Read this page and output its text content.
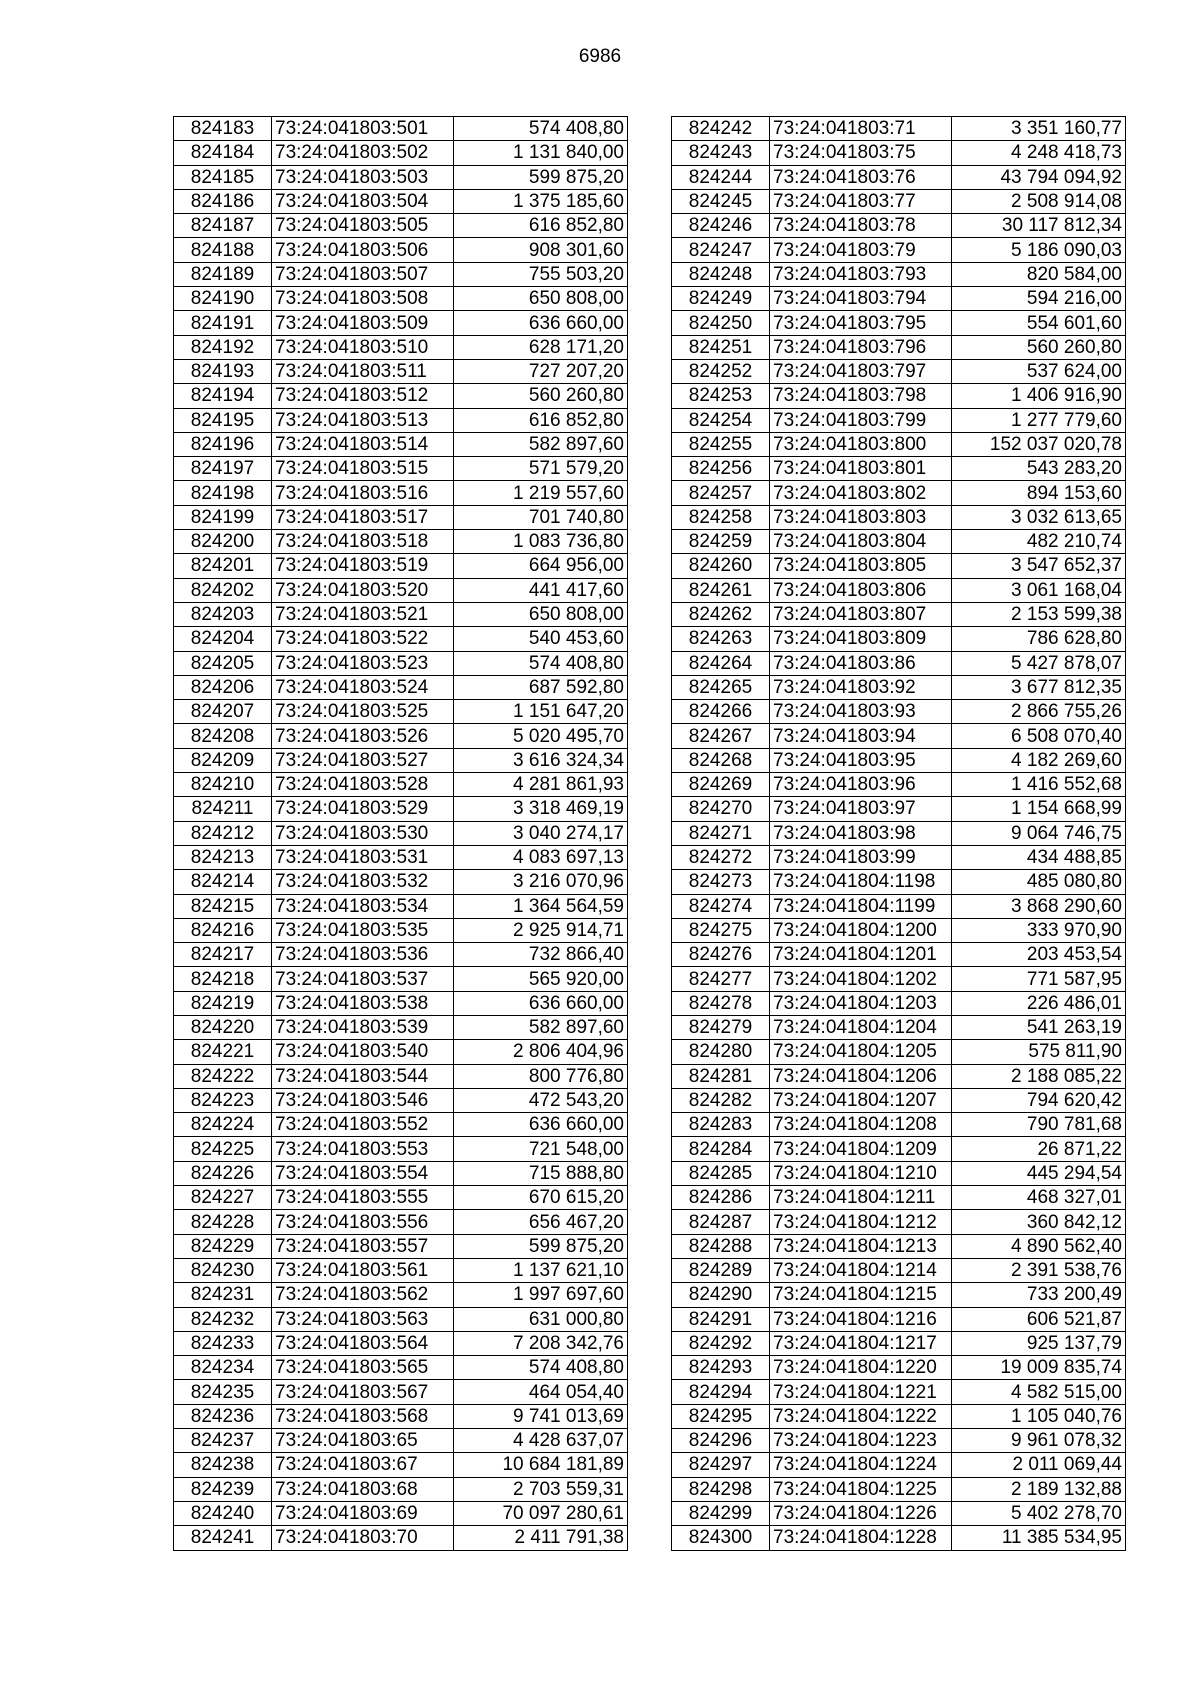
6986
824183	73:24:041803:501	574 408,80
824184	73:24:041803:502	1 131 840,00
824185	73:24:041803:503	599 875,20
824186	73:24:041803:504	1 375 185,60
824187	73:24:041803:505	616 852,80
824188	73:24:041803:506	908 301,60
824189	73:24:041803:507	755 503,20
824190	73:24:041803:508	650 808,00
824191	73:24:041803:509	636 660,00
824192	73:24:041803:510	628 171,20
824193	73:24:041803:511	727 207,20
824194	73:24:041803:512	560 260,80
824195	73:24:041803:513	616 852,80
824196	73:24:041803:514	582 897,60
824197	73:24:041803:515	571 579,20
824198	73:24:041803:516	1 219 557,60
824199	73:24:041803:517	701 740,80
824200	73:24:041803:518	1 083 736,80
824201	73:24:041803:519	664 956,00
824202	73:24:041803:520	441 417,60
824203	73:24:041803:521	650 808,00
824204	73:24:041803:522	540 453,60
824205	73:24:041803:523	574 408,80
824206	73:24:041803:524	687 592,80
824207	73:24:041803:525	1 151 647,20
824208	73:24:041803:526	5 020 495,70
824209	73:24:041803:527	3 616 324,34
824210	73:24:041803:528	4 281 861,93
824211	73:24:041803:529	3 318 469,19
824212	73:24:041803:530	3 040 274,17
824213	73:24:041803:531	4 083 697,13
824214	73:24:041803:532	3 216 070,96
824215	73:24:041803:534	1 364 564,59
824216	73:24:041803:535	2 925 914,71
824217	73:24:041803:536	732 866,40
824218	73:24:041803:537	565 920,00
824219	73:24:041803:538	636 660,00
824220	73:24:041803:539	582 897,60
824221	73:24:041803:540	2 806 404,96
824222	73:24:041803:544	800 776,80
824223	73:24:041803:546	472 543,20
824224	73:24:041803:552	636 660,00
824225	73:24:041803:553	721 548,00
824226	73:24:041803:554	715 888,80
824227	73:24:041803:555	670 615,20
824228	73:24:041803:556	656 467,20
824229	73:24:041803:557	599 875,20
824230	73:24:041803:561	1 137 621,10
824231	73:24:041803:562	1 997 697,60
824232	73:24:041803:563	631 000,80
824233	73:24:041803:564	7 208 342,76
824234	73:24:041803:565	574 408,80
824235	73:24:041803:567	464 054,40
824236	73:24:041803:568	9 741 013,69
824237	73:24:041803:65	4 428 637,07
824238	73:24:041803:67	10 684 181,89
824239	73:24:041803:68	2 703 559,31
824240	73:24:041803:69	70 097 280,61
824241	73:24:041803:70	2 411 791,38
824242	73:24:041803:71	3 351 160,77
824243	73:24:041803:75	4 248 418,73
824244	73:24:041803:76	43 794 094,92
824245	73:24:041803:77	2 508 914,08
824246	73:24:041803:78	30 117 812,34
824247	73:24:041803:79	5 186 090,03
824248	73:24:041803:793	820 584,00
824249	73:24:041803:794	594 216,00
824250	73:24:041803:795	554 601,60
824251	73:24:041803:796	560 260,80
824252	73:24:041803:797	537 624,00
824253	73:24:041803:798	1 406 916,90
824254	73:24:041803:799	1 277 779,60
824255	73:24:041803:800	152 037 020,78
824256	73:24:041803:801	543 283,20
824257	73:24:041803:802	894 153,60
824258	73:24:041803:803	3 032 613,65
824259	73:24:041803:804	482 210,74
824260	73:24:041803:805	3 547 652,37
824261	73:24:041803:806	3 061 168,04
824262	73:24:041803:807	2 153 599,38
824263	73:24:041803:809	786 628,80
824264	73:24:041803:86	5 427 878,07
824265	73:24:041803:92	3 677 812,35
824266	73:24:041803:93	2 866 755,26
824267	73:24:041803:94	6 508 070,40
824268	73:24:041803:95	4 182 269,60
824269	73:24:041803:96	1 416 552,68
824270	73:24:041803:97	1 154 668,99
824271	73:24:041803:98	9 064 746,75
824272	73:24:041803:99	434 488,85
824273	73:24:041804:1198	485 080,80
824274	73:24:041804:1199	3 868 290,60
824275	73:24:041804:1200	333 970,90
824276	73:24:041804:1201	203 453,54
824277	73:24:041804:1202	771 587,95
824278	73:24:041804:1203	226 486,01
824279	73:24:041804:1204	541 263,19
824280	73:24:041804:1205	575 811,90
824281	73:24:041804:1206	2 188 085,22
824282	73:24:041804:1207	794 620,42
824283	73:24:041804:1208	790 781,68
824284	73:24:041804:1209	26 871,22
824285	73:24:041804:1210	445 294,54
824286	73:24:041804:1211	468 327,01
824287	73:24:041804:1212	360 842,12
824288	73:24:041804:1213	4 890 562,40
824289	73:24:041804:1214	2 391 538,76
824290	73:24:041804:1215	733 200,49
824291	73:24:041804:1216	606 521,87
824292	73:24:041804:1217	925 137,79
824293	73:24:041804:1220	19 009 835,74
824294	73:24:041804:1221	4 582 515,00
824295	73:24:041804:1222	1 105 040,76
824296	73:24:041804:1223	9 961 078,32
824297	73:24:041804:1224	2 011 069,44
824298	73:24:041804:1225	2 189 132,88
824299	73:24:041804:1226	5 402 278,70
824300	73:24:041804:1228	11 385 534,95
